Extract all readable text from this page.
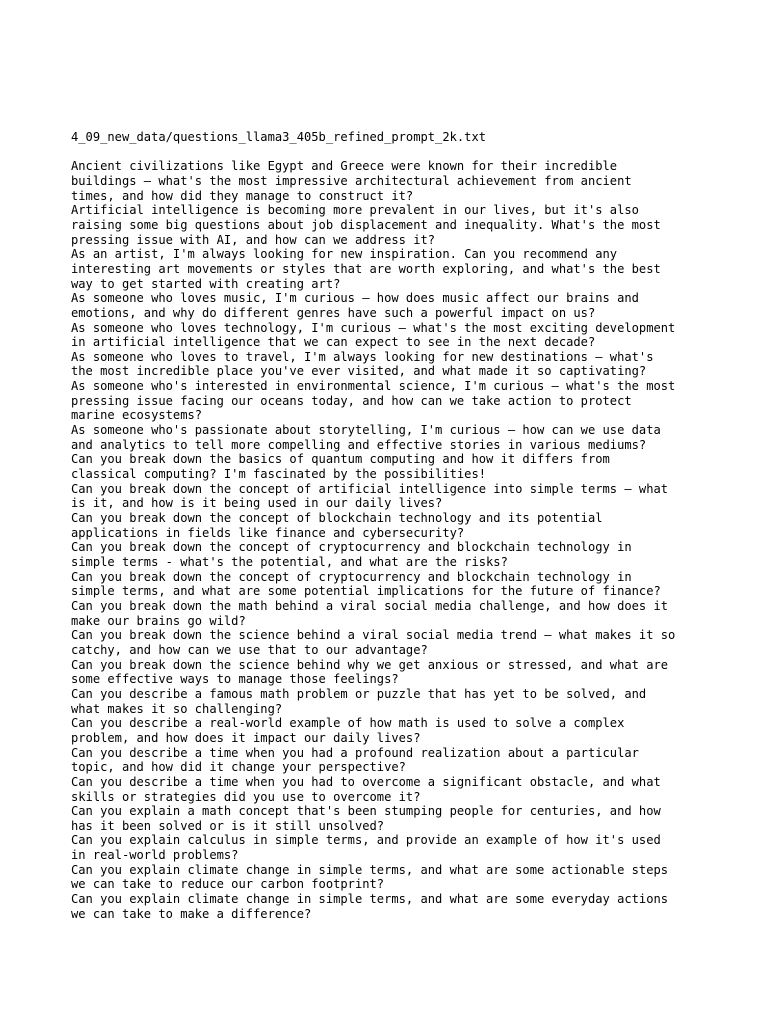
4_09_new_data/questions_llama3_405b_refined_prompt_2k.txt
Ancient civilizations like Egypt and Greece were known for their incredible
buildings – what's the most impressive architectural achievement from ancient
times, and how did they manage to construct it?
Artificial intelligence is becoming more prevalent in our lives, but it's also
raising some big questions about job displacement and inequality. What's the most
pressing issue with AI, and how can we address it?
As an artist, I'm always looking for new inspiration. Can you recommend any
interesting art movements or styles that are worth exploring, and what's the best
way to get started with creating art?
As someone who loves music, I'm curious – how does music affect our brains and
emotions, and why do different genres have such a powerful impact on us?
As someone who loves technology, I'm curious – what's the most exciting development
in artificial intelligence that we can expect to see in the next decade?
As someone who loves to travel, I'm always looking for new destinations – what's
the most incredible place you've ever visited, and what made it so captivating?
As someone who's interested in environmental science, I'm curious – what's the most
pressing issue facing our oceans today, and how can we take action to protect
marine ecosystems?
As someone who's passionate about storytelling, I'm curious – how can we use data
and analytics to tell more compelling and effective stories in various mediums?
Can you break down the basics of quantum computing and how it differs from
classical computing? I'm fascinated by the possibilities!
Can you break down the concept of artificial intelligence into simple terms – what
is it, and how is it being used in our daily lives?
Can you break down the concept of blockchain technology and its potential
applications in fields like finance and cybersecurity?
Can you break down the concept of cryptocurrency and blockchain technology in
simple terms - what's the potential, and what are the risks?
Can you break down the concept of cryptocurrency and blockchain technology in
simple terms, and what are some potential implications for the future of finance?
Can you break down the math behind a viral social media challenge, and how does it
make our brains go wild?
Can you break down the science behind a viral social media trend – what makes it so
catchy, and how can we use that to our advantage?
Can you break down the science behind why we get anxious or stressed, and what are
some effective ways to manage those feelings?
Can you describe a famous math problem or puzzle that has yet to be solved, and
what makes it so challenging?
Can you describe a real-world example of how math is used to solve a complex
problem, and how does it impact our daily lives?
Can you describe a time when you had a profound realization about a particular
topic, and how did it change your perspective?
Can you describe a time when you had to overcome a significant obstacle, and what
skills or strategies did you use to overcome it?
Can you explain a math concept that's been stumping people for centuries, and how
has it been solved or is it still unsolved?
Can you explain calculus in simple terms, and provide an example of how it's used
in real-world problems?
Can you explain climate change in simple terms, and what are some actionable steps
we can take to reduce our carbon footprint?
Can you explain climate change in simple terms, and what are some everyday actions
we can take to make a difference?
